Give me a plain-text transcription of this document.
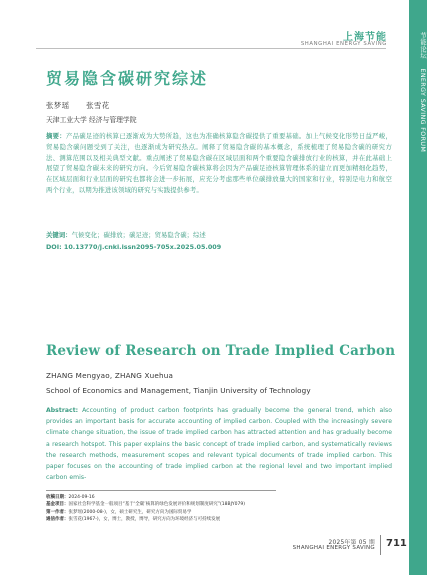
节能论坛    ENERGY SAVING FORUM
上海节能
SHANGHAI ENERGY SAVING
贸易隐含碳研究综述
张梦瑶 张雪花
天津工业大学 经济与管理学院

摘要：产品碳足迹的核算已逐渐成为大势所趋，这也为准确核算隐含碳提供了重要基础。加上气候变化形势日益严峻，贸易隐含碳问题受到了关注，也逐渐成为研究热点。阐释了贸易隐含碳的基本概念，系统梳理了贸易隐含碳的研究方法、测算范围以及相关典型文献。重点阐述了贸易隐含碳在区域层面和两个重要隐含碳排放行业的核算，并在此基础上展望了贸易隐含碳未来的研究方向。今后贸易隐含碳核算将会因为产品碳足迹核算管理体系的建立而更加精细化趋势，在区域层面和行业层面的研究也都将会进一步拓展，应充分考虑那些单位碳排放量大的国家和行业，特别是电力和航空两个行业，以期为推进该领域的研究与实践提供参考。

关键词：气候变化；碳排放；碳足迹；贸易隐含碳；综述

DOI: 10.13770/j.cnki.issn2095-705x.2025.05.009

Review of Research on Trade Implied Carbon
ZHANG Mengyao, ZHANG Xuehua
School of Economics and Management, Tianjin University of Technology

Abstract: Accounting of product carbon footprints has gradually become the general trend, which also provides an important basis for accurate accounting of implied carbon. Coupled with the increasingly severe climate change situation, the issue of trade implied carbon has attracted attention and has gradually become a research hotspot. This paper explains the basic concept of trade implied carbon, and systematically reviews the research methods, measurement scopes and relevant typical documents of trade implied carbon. This paper focuses on the accounting of trade implied carbon at the regional level and two important implied carbon emis-

收稿日期：2024-09-16
基金项目：国家社会科学基金一般项目“基于‘全碳’核算的绿色发展评价和规划制度研究”(18BJY079)
第一作者：张梦瑶(2000-08-)，女，硕士研究生，研究方向为国际贸易学
通信作者：张雪花(1967-)，女，博士，教授，博导，研究方向为环境经济与可持续发展
2025年第 05 期
SHANGHAI ENERGY SAVING 711
